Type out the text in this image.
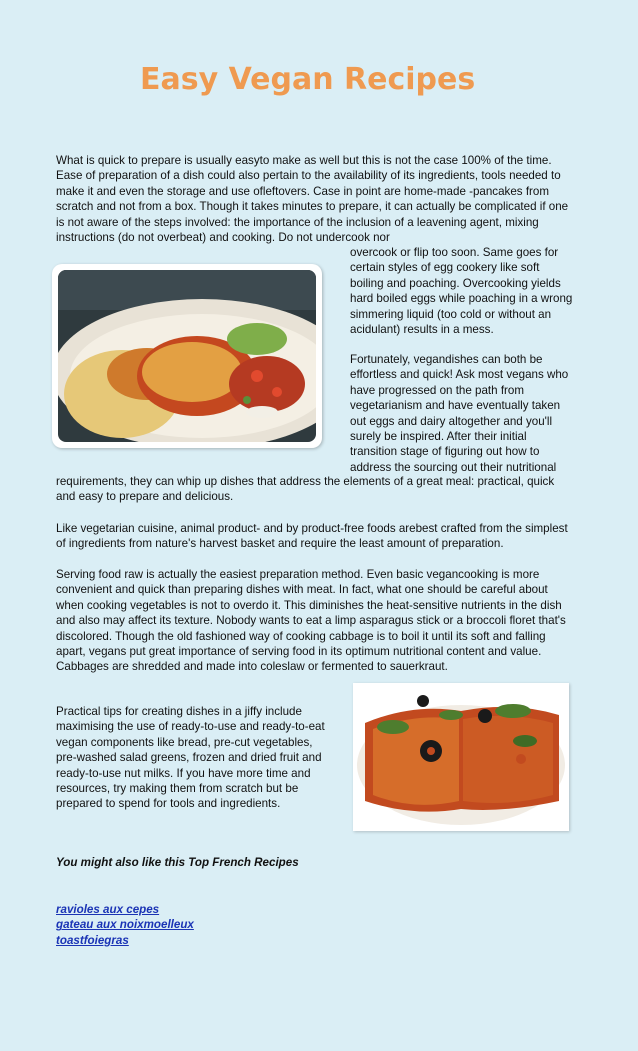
Easy Vegan Recipes

What is quick to prepare is usually easyto make as well but this is not the case 100% of the time. Ease of preparation of a dish could also pertain to the availability of its ingredients, tools needed to make it and even the storage and use ofleftovers. Case in point are home-made -pancakes from scratch and not from a box. Though it takes minutes to prepare, it can actually be complicated if one is not aware of the steps involved: the importance of the inclusion of a leavening agent, mixing instructions (do not overbeat) and cooking. Do not undercook nor

overcook or flip too soon. Same goes for certain styles of egg cookery like soft boiling and poaching. Overcooking yields hard boiled eggs while poaching in a wrong simmering liquid (too cold or without an acidulant) results in a mess.

Fortunately, vegandishes can both be effortless and quick! Ask most vegans who have progressed on the path from vegetarianism and have eventually taken out eggs and dairy altogether and you'll surely be inspired. After their initial transition stage of figuring out how to address the sourcing out their nutritional

requirements, they can whip up dishes that address the elements of a great meal: practical, quick and easy to prepare and delicious.

Like vegetarian cuisine, animal product- and by product-free foods arebest crafted from the simplest of ingredients from nature's harvest basket and require the least amount of preparation.

Serving food raw is actually the easiest preparation method. Even basic vegancooking is more convenient and quick than preparing dishes with meat. In fact, what one should be careful about when cooking vegetables is not to overdo it. This diminishes the heat-sensitive nutrients in the dish and also may affect its texture. Nobody wants to eat a limp asparagus stick or a broccoli floret that's discolored. Though the old fashioned way of cooking cabbage is to boil it until its soft and falling apart, vegans put great importance of serving food in its optimum nutritional content and value. Cabbages are shredded and made into coleslaw or fermented to sauerkraut.

Practical tips for creating dishes in a jiffy include maximising the use of ready-to-use and ready-to-eat vegan components like bread, pre-cut vegetables, pre-washed salad greens, frozen and dried fruit and ready-to-use nut milks. If you have more time and resources, try making them from scratch but be prepared to spend for tools and ingredients.

You might also like this Top French Recipes
ravioles aux cepes
gateau aux noixmoelleux
toastfoiegras
